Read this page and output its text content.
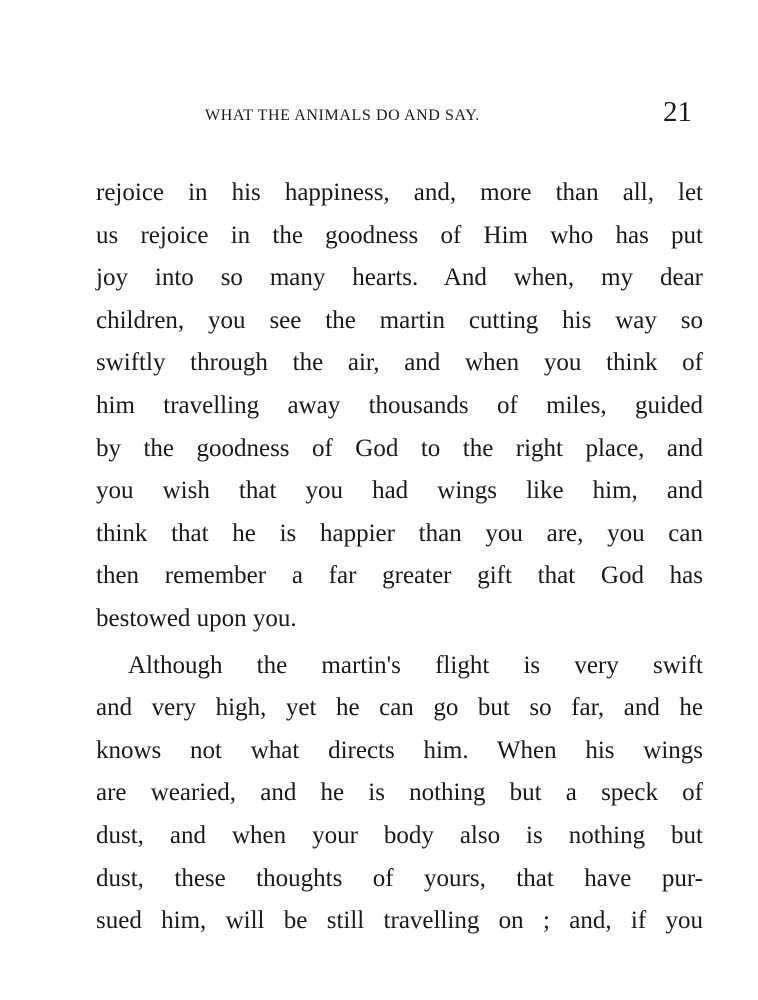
WHAT THE ANIMALS DO AND SAY.	21

rejoice in his happiness, and, more than all, let
us rejoice in the goodness of Him who has put
joy into so many hearts. And when, my dear
children, you see the martin cutting his way so
swiftly through the air, and when you think of
him travelling away thousands of miles, guided
by the goodness of God to the right place, and
you wish that you had wings like him, and
think that he is happier than you are, you can
then remember a far greater gift that God has
bestowed upon you.

Although the martin's flight is very swift
and very high, yet he can go but so far, and he
knows not what directs him. When his wings
are wearied, and he is nothing but a speck of
dust, and when your body also is nothing but
dust, these thoughts of yours, that have pur-
sued him, will be still travelling on ; and, if you
